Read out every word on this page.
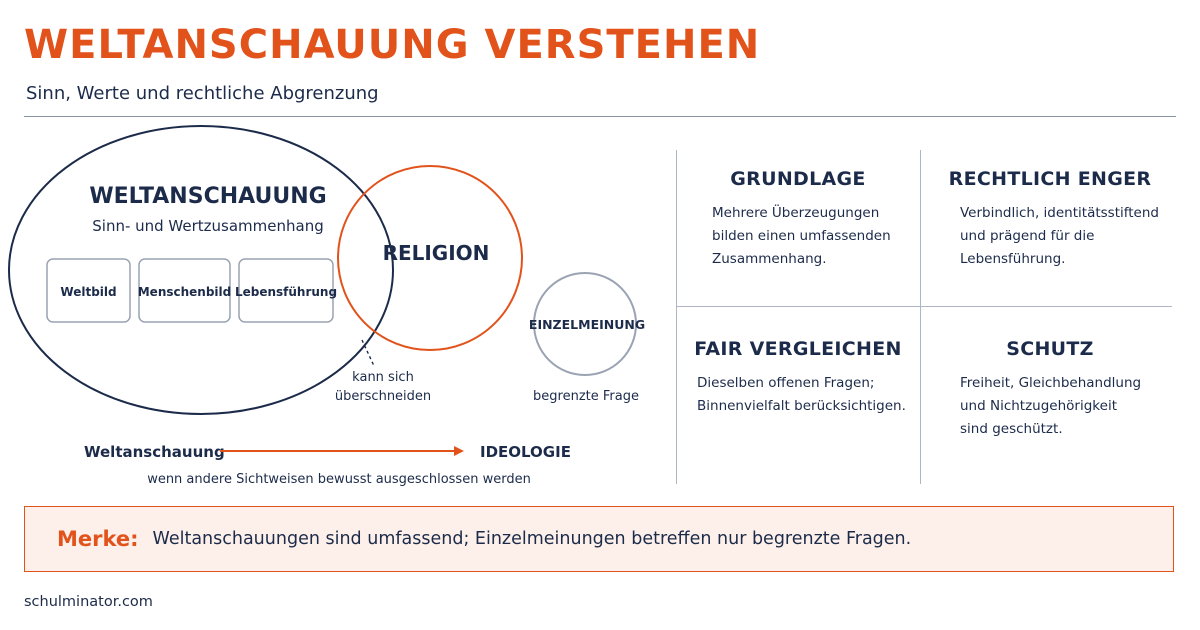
WELTANSCHAUUNG VERSTEHEN
Sinn, Werte und rechtliche Abgrenzung
WELTANSCHAUUNG
Sinn- und Wertzusammenhang
Weltbild Menschenbild Lebensführung
RELIGION
kann sich
überschneiden
EINZELMEINUNG
begrenzte Frage
Weltanschauung	IDEOLOGIE
wenn andere Sichtweisen bewusst ausgeschlossen werden
GRUNDLAGE

Mehrere Überzeugungen
bilden einen umfassenden
Zusammenhang.

RECHTLICH ENGER

Verbindlich, identitätsstiftend
und prägend für die
Lebensführung.

FAIR VERGLEICHEN

Dieselben offenen Fragen;
Binnenvielfalt berücksichtigen.

SCHUTZ

Freiheit, Gleichbehandlung
und Nichtzugehörigkeit
sind geschützt.

Merke: Weltanschauungen sind umfassend; Einzelmeinungen betreffen nur begrenzte Fragen.
schulminator.com
